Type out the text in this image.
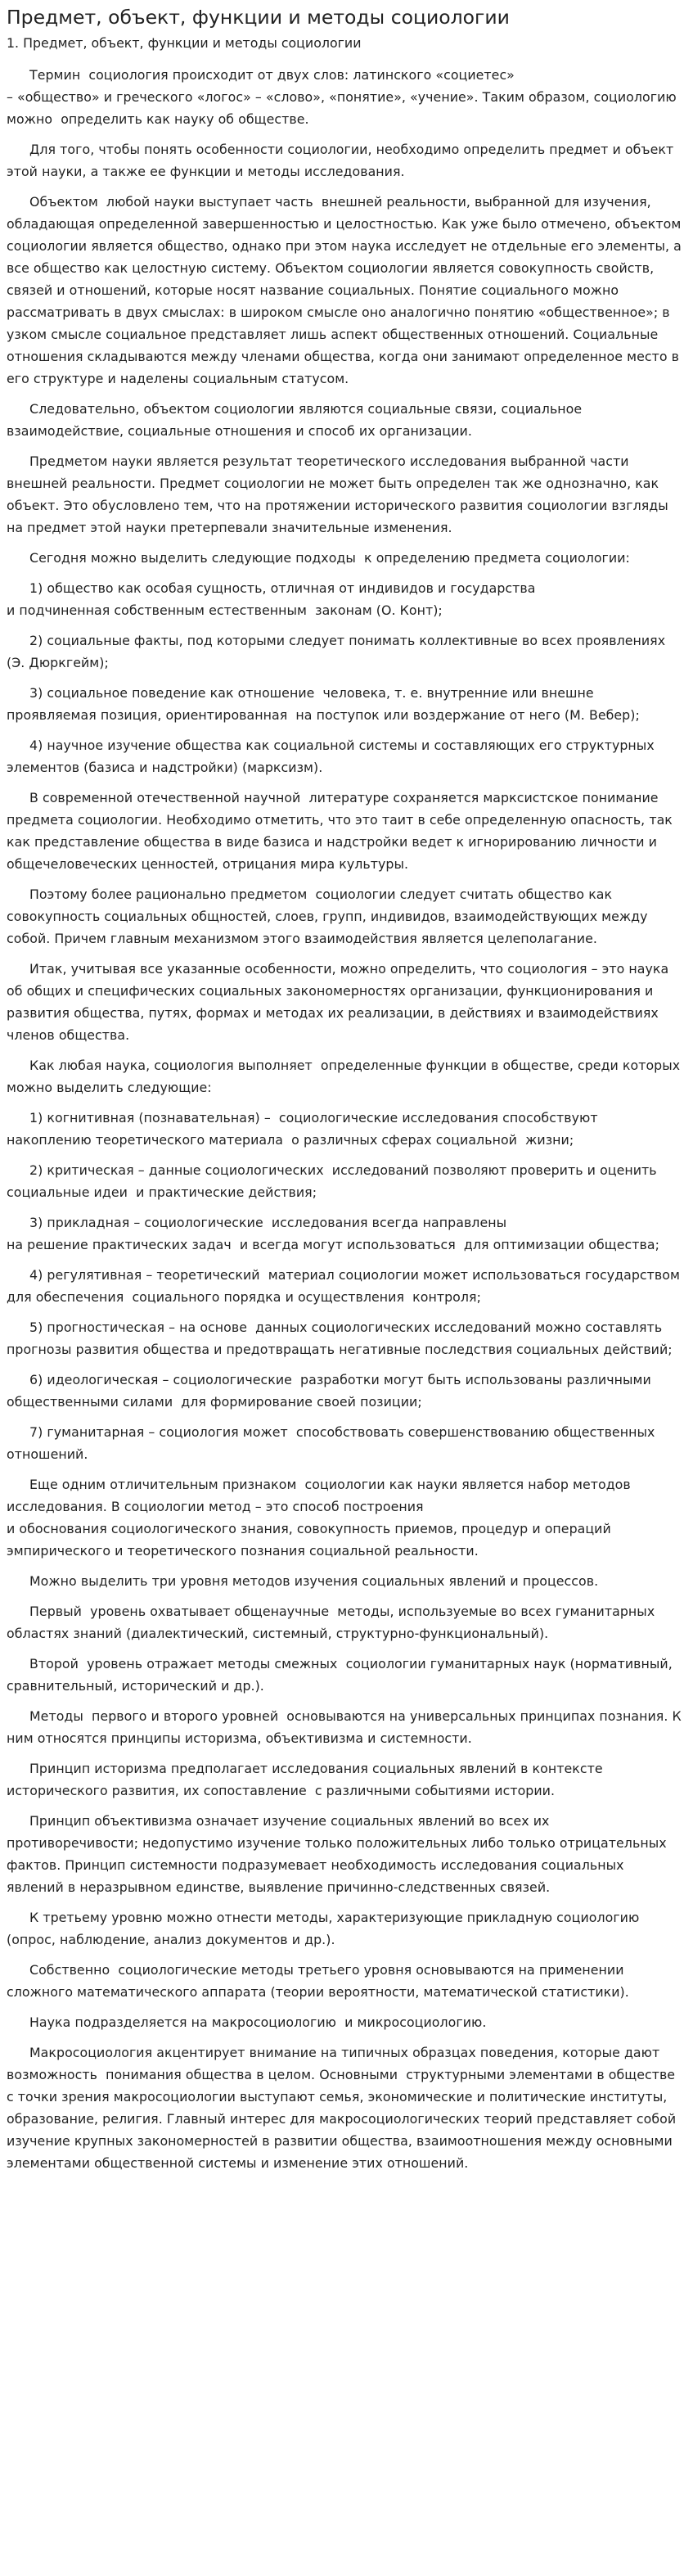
Предмет, объект, функции и методы социологии
1. Предмет, объект, функции и методы социологии

Термин  социология происходит от двух слов: латинского «социетес»
– «общество» и греческого «логос» – «слово», «понятие», «учение». Таким образом, социологию можно  определить как науку об обществе.

Для того, чтобы понять особенности социологии, необходимо определить предмет и объект этой науки, а также ее функции и методы исследования.

Объектом  любой науки выступает часть  внешней реальности, выбранной для изучения, обладающая определенной завершенностью и целостностью. Как уже было отмечено, объектом социологии является общество, однако при этом наука исследует не отдельные его элементы, а все общество как целостную систему. Объектом социологии является совокупность свойств, связей и отношений, которые носят название социальных. Понятие социального можно рассматривать в двух смыслах: в широком смысле оно аналогично понятию «общественное»; в узком смысле социальное представляет лишь аспект общественных отношений. Социальные отношения складываются между членами общества, когда они занимают определенное место в его структуре и наделены социальным статусом.

Следовательно, объектом социологии являются социальные связи, социальное взаимодействие, социальные отношения и способ их организации.

Предметом науки является результат теоретического исследования выбранной части внешней реальности. Предмет социологии не может быть определен так же однозначно, как объект. Это обусловлено тем, что на протяжении исторического развития социологии взгляды на предмет этой науки претерпевали значительные изменения.

Сегодня можно выделить следующие подходы  к определению предмета социологии:

1) общество как особая сущность, отличная от индивидов и государства
и подчиненная собственным естественным  законам (О. Конт);

2) социальные факты, под которыми следует понимать коллективные во всех проявлениях (Э. Дюркгейм);

3) социальное поведение как отношение  человека, т. е. внутренние или внешне проявляемая позиция, ориентированная  на поступок или воздержание от него (М. Вебер);

4) научное изучение общества как социальной системы и составляющих его структурных элементов (базиса и надстройки) (марксизм).

В современной отечественной научной  литературе сохраняется марксистское понимание предмета социологии. Необходимо отметить, что это таит в себе определенную опасность, так как представление общества в виде базиса и надстройки ведет к игнорированию личности и общечеловеческих ценностей, отрицания мира культуры.

Поэтому более рационально предметом  социологии следует считать общество как совокупность социальных общностей, слоев, групп, индивидов, взаимодействующих между собой. Причем главным механизмом этого взаимодействия является целеполагание.

Итак, учитывая все указанные особенности, можно определить, что социология – это наука об общих и специфических социальных закономерностях организации, функционирования и развития общества, путях, формах и методах их реализации, в действиях и взаимодействиях членов общества.

Как любая наука, социология выполняет  определенные функции в обществе, среди которых можно выделить следующие:

1) когнитивная (познавательная) –  социологические исследования способствуют накоплению теоретического материала  о различных сферах социальной  жизни;

2) критическая – данные социологических  исследований позволяют проверить и оценить социальные идеи  и практические действия;

3) прикладная – социологические  исследования всегда направлены
на решение практических задач  и всегда могут использоваться  для оптимизации общества;

4) регулятивная – теоретический  материал социологии может использоваться государством для обеспечения  социального порядка и осуществления  контроля;

5) прогностическая – на основе  данных социологических исследований можно составлять прогнозы развития общества и предотвращать негативные последствия социальных действий;

6) идеологическая – социологические  разработки могут быть использованы различными общественными силами  для формирование своей позиции;

7) гуманитарная – социология может  способствовать совершенствованию общественных отношений.

Еще одним отличительным признаком  социологии как науки является набор методов исследования. В социологии метод – это способ построения
и обоснования социологического знания, совокупность приемов, процедур и операций эмпирического и теоретического познания социальной реальности.

Можно выделить три уровня методов изучения социальных явлений и процессов.

Первый  уровень охватывает общенаучные  методы, используемые во всех гуманитарных областях знаний (диалектический, системный, структурно-функциональный).

Второй  уровень отражает методы смежных  социологии гуманитарных наук (нормативный, сравнительный, исторический и др.).

Методы  первого и второго уровней  основываются на универсальных принципах познания. К ним относятся принципы историзма, объективизма и системности.

Принцип историзма предполагает исследования социальных явлений в контексте исторического развития, их сопоставление  с различными событиями истории.

Принцип объективизма означает изучение социальных явлений во всех их противоречивости; недопустимо изучение только положительных либо только отрицательных фактов. Принцип системности подразумевает необходимость исследования социальных явлений в неразрывном единстве, выявление причинно-следственных связей.

К третьему уровню можно отнести методы, характеризующие прикладную социологию (опрос, наблюдение, анализ документов и др.).

Собственно  социологические методы третьего уровня основываются на применении сложного математического аппарата (теории вероятности, математической статистики).

Наука подразделяется на макросоциологию  и микросоциологию.

Макросоциология акцентирует внимание на типичных образцах поведения, которые дают возможность  понимания общества в целом. Основными  структурными элементами в обществе с точки зрения макросоциологии выступают семья, экономические и политические институты, образование, религия. Главный интерес для макросоциологических теорий представляет собой изучение крупных закономерностей в развитии общества, взаимоотношения между основными элементами общественной системы и изменение этих отношений.
